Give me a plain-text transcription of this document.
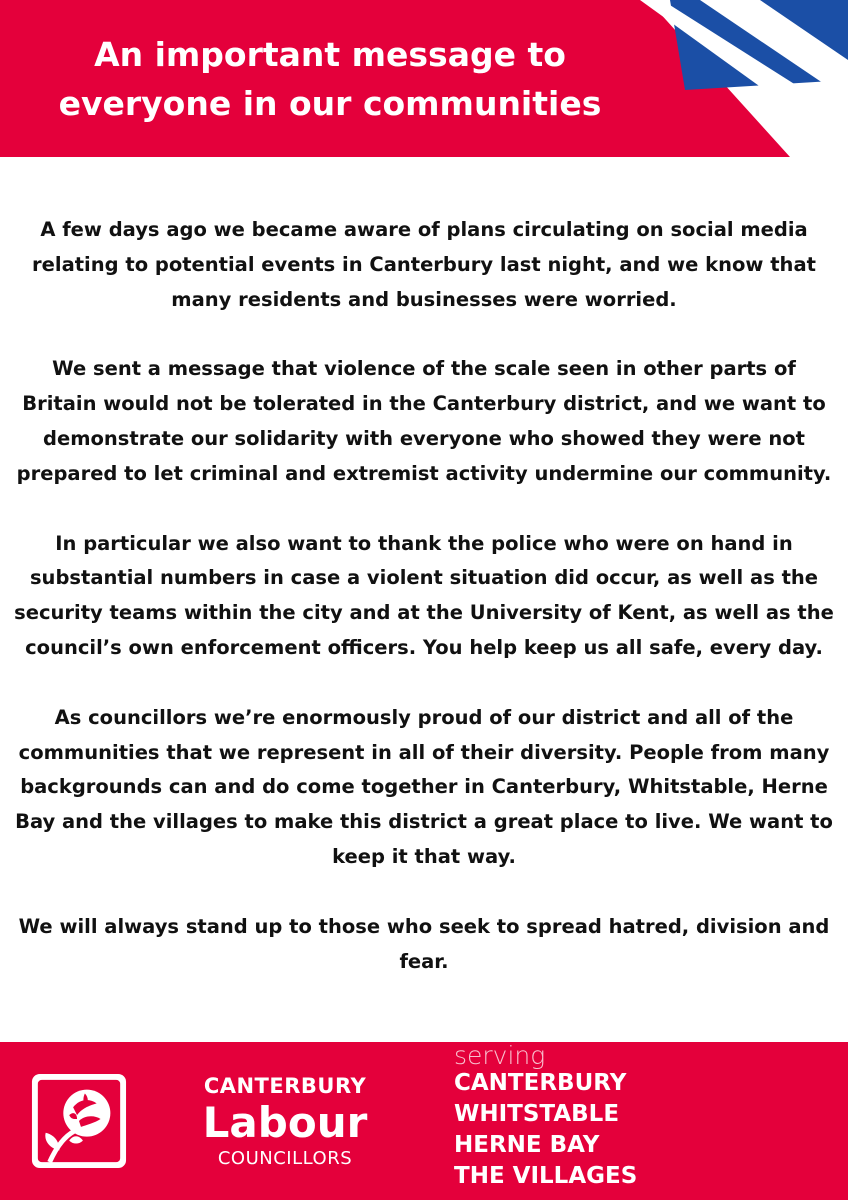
An important message to
everyone in our communities

A few days ago we became aware of plans circulating on social media relating to potential events in Canterbury last night, and we know that many residents and businesses were worried.

We sent a message that violence of the scale seen in other parts of Britain would not be tolerated in the Canterbury district, and we want to demonstrate our solidarity with everyone who showed they were not prepared to let criminal and extremist activity undermine our community.

In particular we also want to thank the police who were on hand in substantial numbers in case a violent situation did occur, as well as the security teams within the city and at the University of Kent, as well as the council’s own enforcement officers. You help keep us all safe, every day.

As councillors we’re enormously proud of our district and all of the communities that we represent in all of their diversity. People from many backgrounds can and do come together in Canterbury, Whitstable, Herne Bay and the villages to make this district a great place to live. We want to keep it that way.

We will always stand up to those who seek to spread hatred, division and fear.

CANTERBURY
Labour
COUNCILLORS
serving
CANTERBURY
WHITSTABLE
HERNE BAY
THE VILLAGES
